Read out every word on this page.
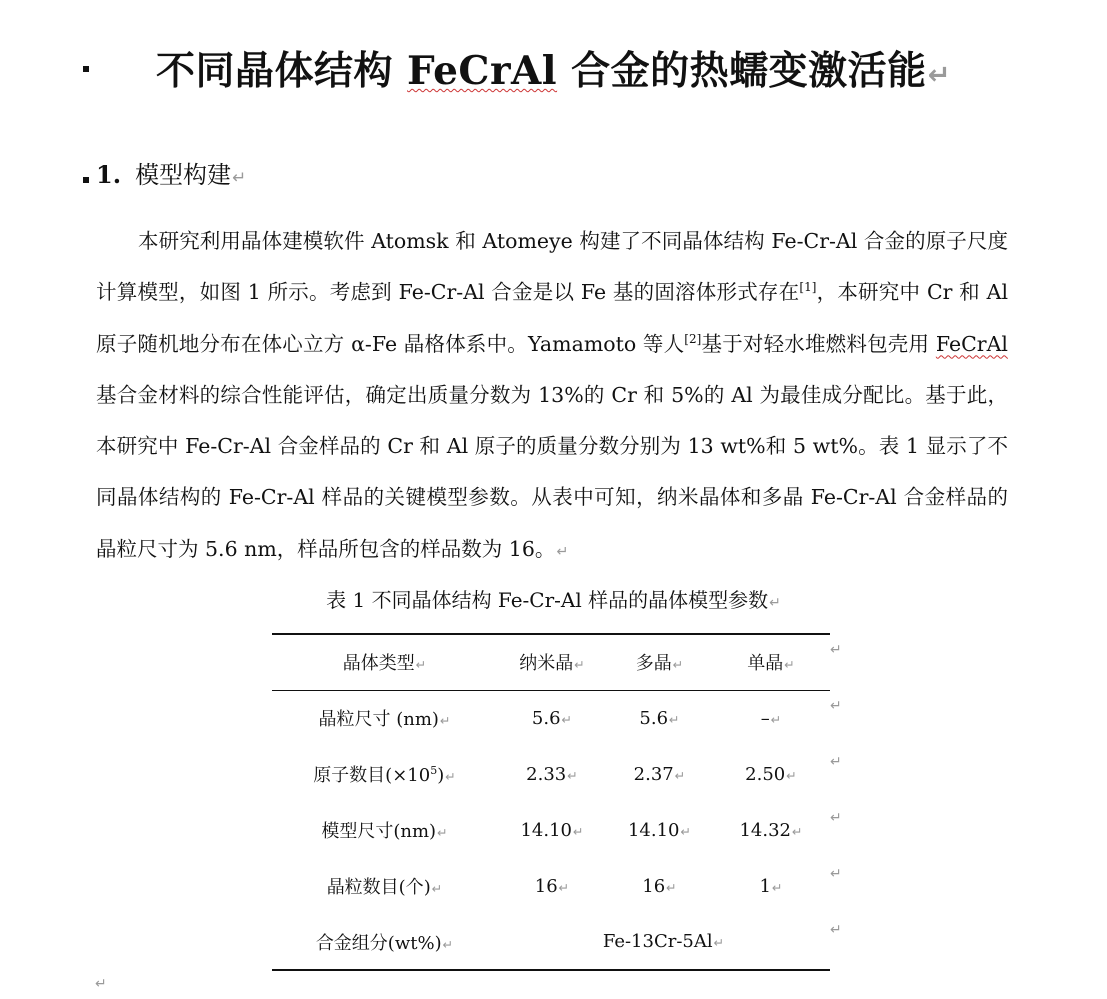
不同晶体结构 FeCrAl 合金的热蠕变激活能↵
1. 模型构建↵

本研究利用晶体建模软件 Atomsk 和 Atomeye 构建了不同晶体结构 Fe-Cr-Al 合金的原子尺度计算模型，如图 1 所示。考虑到 Fe-Cr-Al 合金是以 Fe 基的固溶体形式存在[1]，本研究中 Cr 和 Al 原子随机地分布在体心立方 α-Fe 晶格体系中。Yamamoto 等人[2]基于对轻水堆燃料包壳用 FeCrAl 基合金材料的综合性能评估，确定出质量分数为 13%的 Cr 和 5%的 Al 为最佳成分配比。基于此，本研究中 Fe-Cr-Al 合金样品的 Cr 和 Al 原子的质量分数分别为 13 wt%和 5 wt%。表 1 显示了不同晶体结构的 Fe-Cr-Al 样品的关键模型参数。从表中可知，纳米晶体和多晶 Fe-Cr-Al 合金样品的晶粒尺寸为 5.6 nm，样品所包含的样品数为 16。↵

表 1 不同晶体结构 Fe-Cr-Al 样品的晶体模型参数↵
晶体类型↵	纳米晶↵	多晶↵	单晶↵
晶粒尺寸 (nm)↵	5.6↵	5.6↵	–↵
原子数目$(\times 10^5)↵$	2.33↵	2.37↵	2.50↵
模型尺寸(nm)↵	14.10↵	14.10↵	14.32↵
晶粒数目(个)↵	16↵	16↵	1↵
合金组分(wt%)↵	Fe-13Cr-5Al↵		
↵
↵
↵
↵
↵
↵
↵
